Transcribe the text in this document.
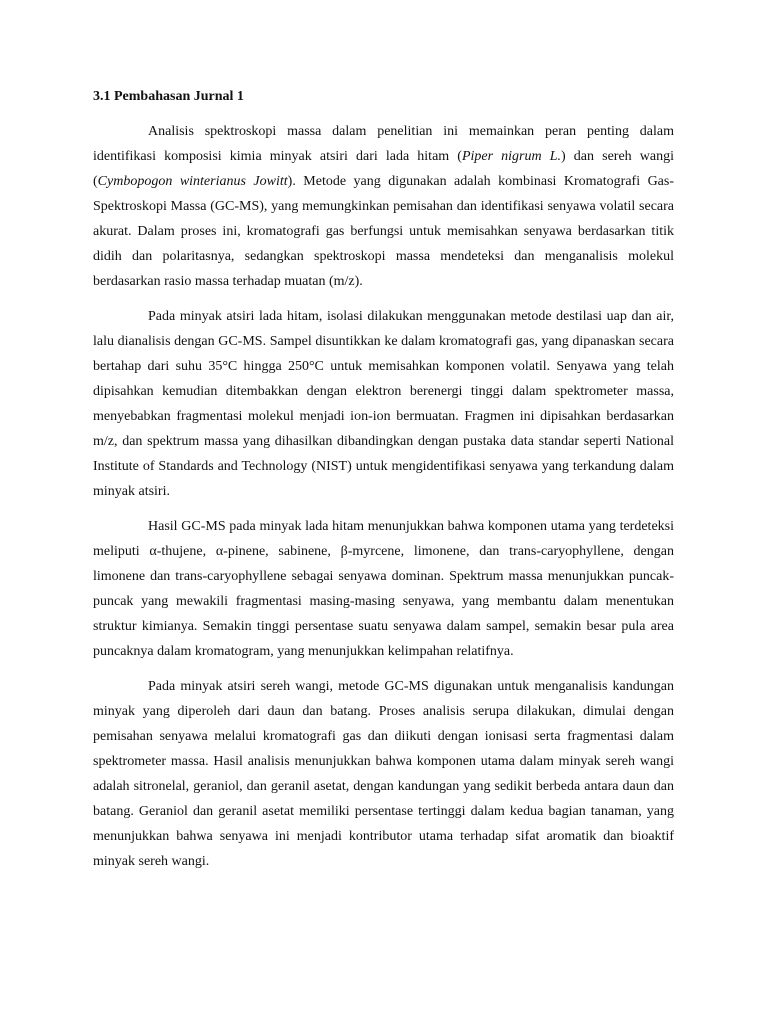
3.1 Pembahasan Jurnal 1

Analisis spektroskopi massa dalam penelitian ini memainkan peran penting dalam identifikasi komposisi kimia minyak atsiri dari lada hitam (Piper nigrum L.) dan sereh wangi (Cymbopogon winterianus Jowitt). Metode yang digunakan adalah kombinasi Kromatografi Gas-Spektroskopi Massa (GC-MS), yang memungkinkan pemisahan dan identifikasi senyawa volatil secara akurat. Dalam proses ini, kromatografi gas berfungsi untuk memisahkan senyawa berdasarkan titik didih dan polaritasnya, sedangkan spektroskopi massa mendeteksi dan menganalisis molekul berdasarkan rasio massa terhadap muatan (m/z).

Pada minyak atsiri lada hitam, isolasi dilakukan menggunakan metode destilasi uap dan air, lalu dianalisis dengan GC-MS. Sampel disuntikkan ke dalam kromatografi gas, yang dipanaskan secara bertahap dari suhu 35°C hingga 250°C untuk memisahkan komponen volatil. Senyawa yang telah dipisahkan kemudian ditembakkan dengan elektron berenergi tinggi dalam spektrometer massa, menyebabkan fragmentasi molekul menjadi ion-ion bermuatan. Fragmen ini dipisahkan berdasarkan m/z, dan spektrum massa yang dihasilkan dibandingkan dengan pustaka data standar seperti National Institute of Standards and Technology (NIST) untuk mengidentifikasi senyawa yang terkandung dalam minyak atsiri.

Hasil GC-MS pada minyak lada hitam menunjukkan bahwa komponen utama yang terdeteksi meliputi α-thujene, α-pinene, sabinene, β-myrcene, limonene, dan trans-caryophyllene, dengan limonene dan trans-caryophyllene sebagai senyawa dominan. Spektrum massa menunjukkan puncak-puncak yang mewakili fragmentasi masing-masing senyawa, yang membantu dalam menentukan struktur kimianya. Semakin tinggi persentase suatu senyawa dalam sampel, semakin besar pula area puncaknya dalam kromatogram, yang menunjukkan kelimpahan relatifnya.

Pada minyak atsiri sereh wangi, metode GC-MS digunakan untuk menganalisis kandungan minyak yang diperoleh dari daun dan batang. Proses analisis serupa dilakukan, dimulai dengan pemisahan senyawa melalui kromatografi gas dan diikuti dengan ionisasi serta fragmentasi dalam spektrometer massa. Hasil analisis menunjukkan bahwa komponen utama dalam minyak sereh wangi adalah sitronelal, geraniol, dan geranil asetat, dengan kandungan yang sedikit berbeda antara daun dan batang. Geraniol dan geranil asetat memiliki persentase tertinggi dalam kedua bagian tanaman, yang menunjukkan bahwa senyawa ini menjadi kontributor utama terhadap sifat aromatik dan bioaktif minyak sereh wangi.
